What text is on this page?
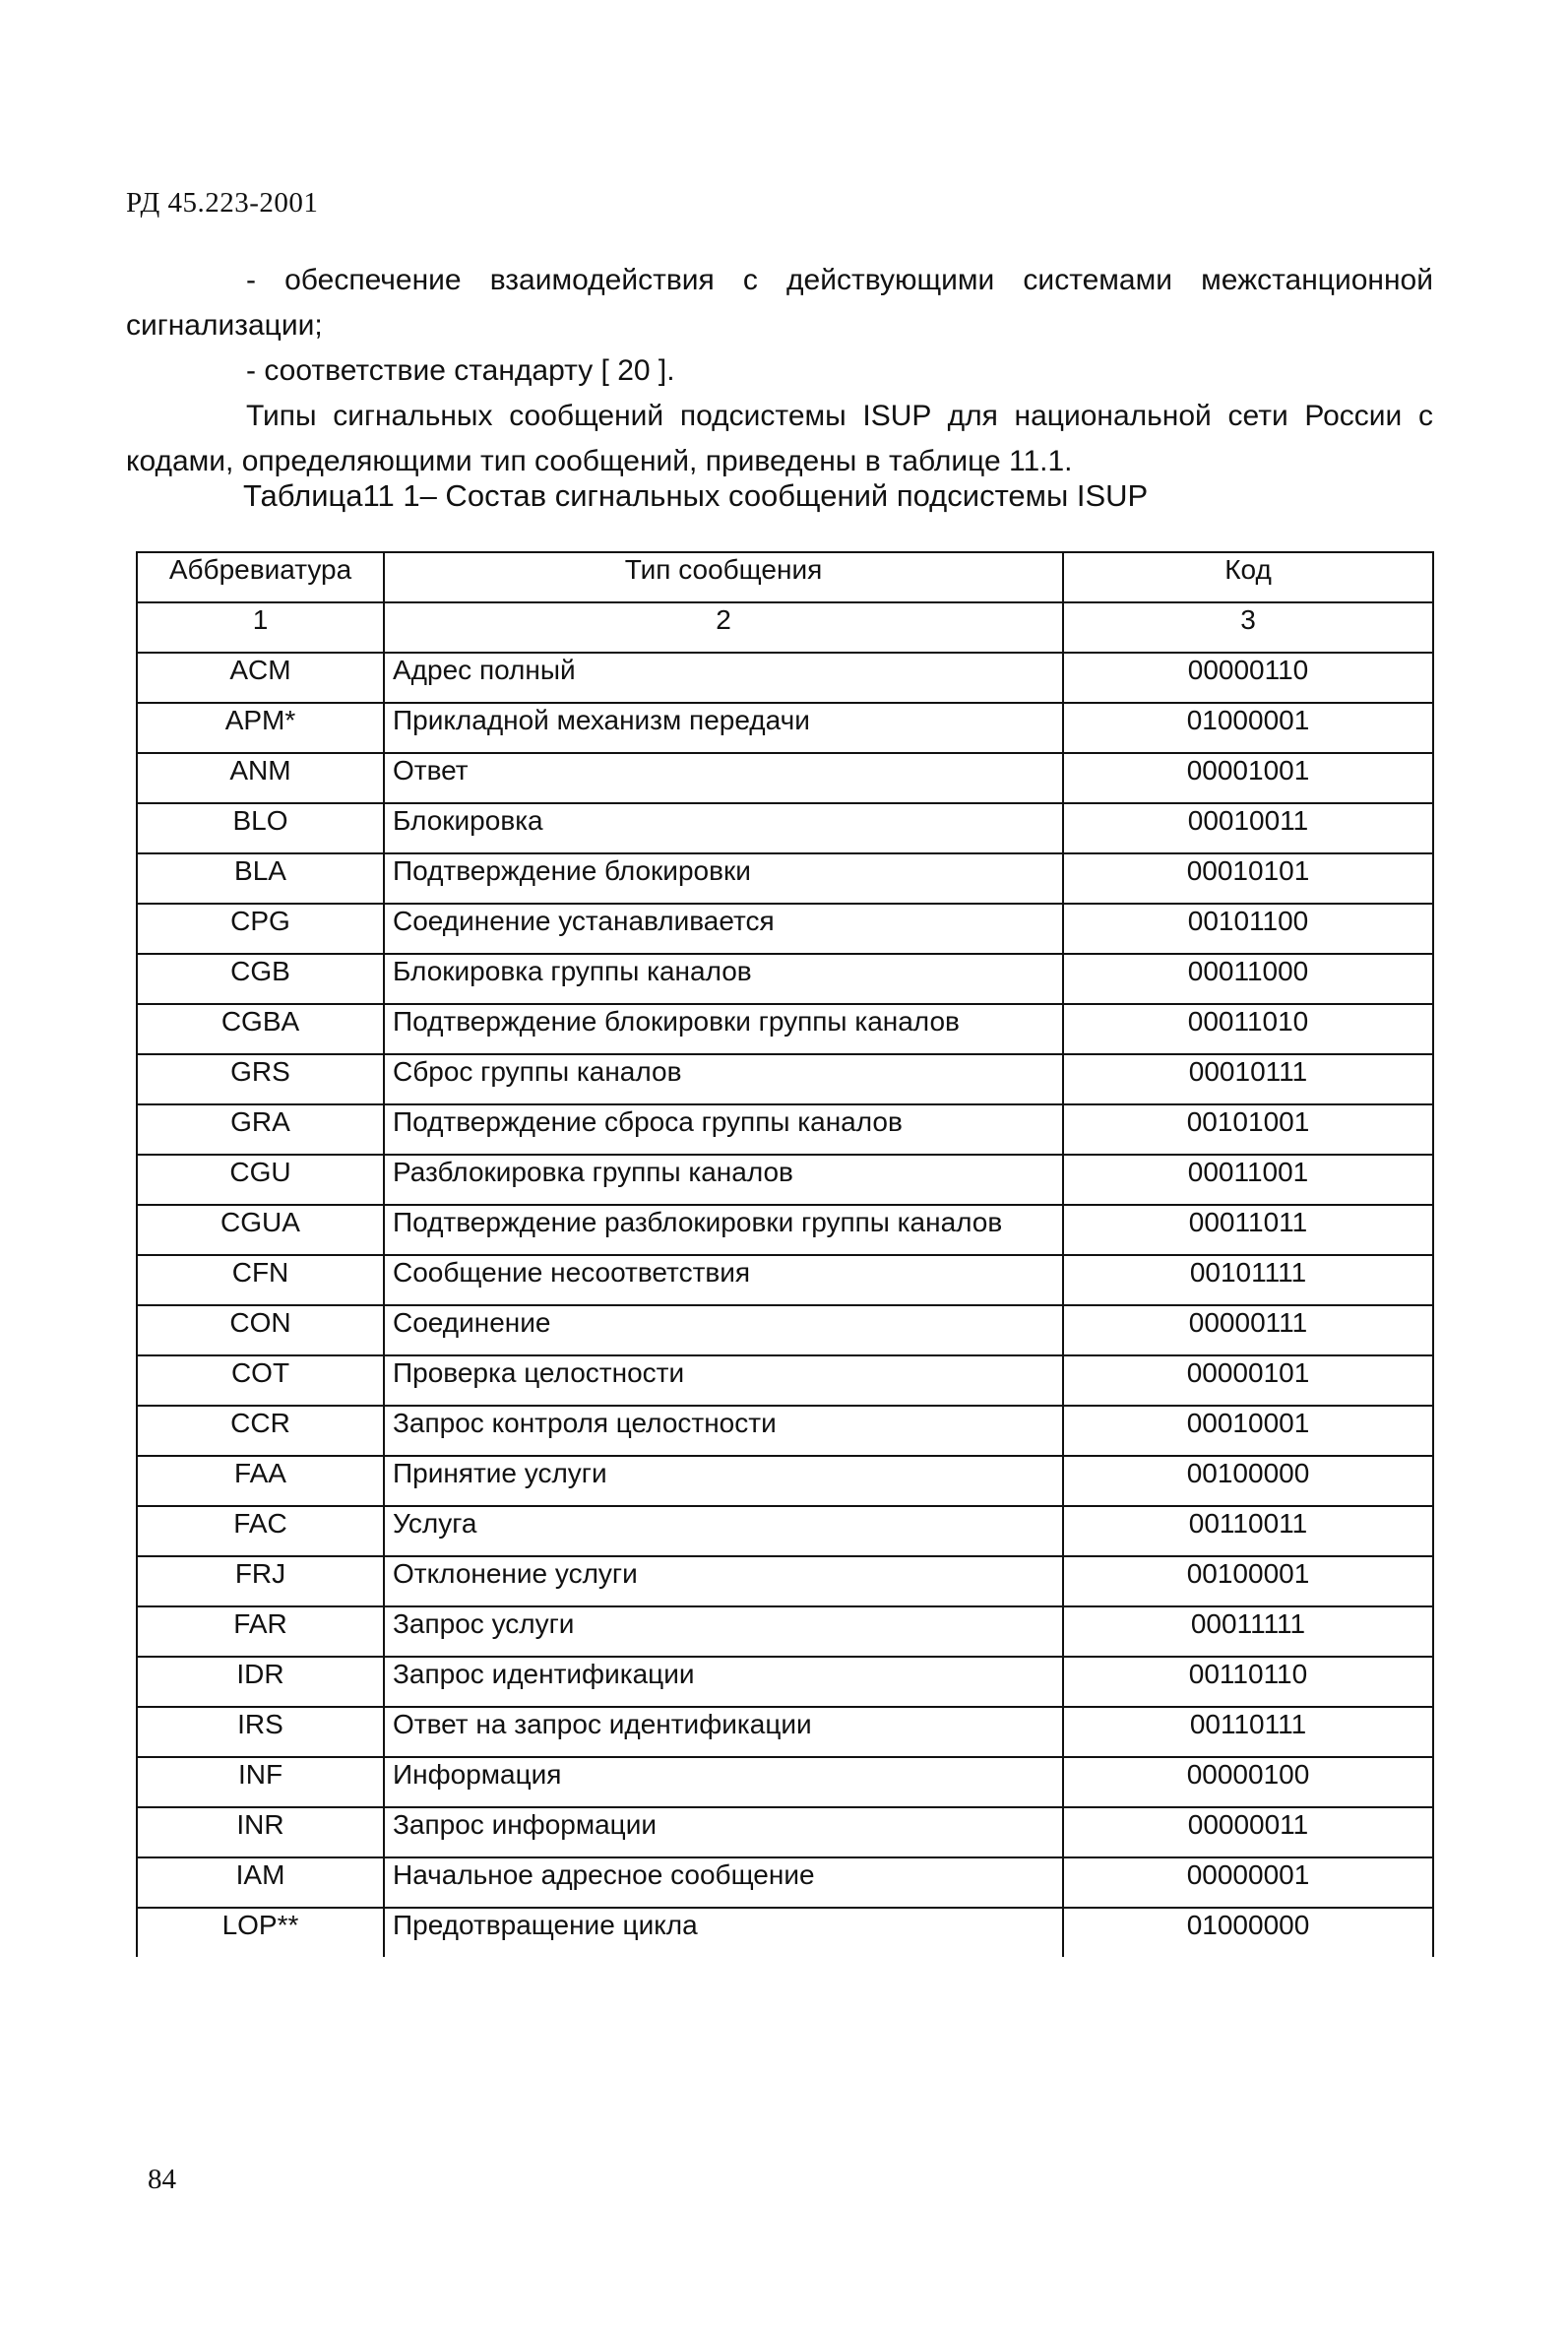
РД 45.223-2001

- обеспечение взаимодействия с действующими системами межстанционной сигнализации;

- соответствие стандарту [ 20 ].

Типы сигнальных сообщений подсистемы ISUP для национальной сети России с кодами, определяющими тип сообщений, приведены в таблице 11.1.

Таблица11 1– Состав сигнальных сообщений подсистемы ISUP
Аббревиатура	Тип сообщения	Код
1	2	3
ACM	Адрес полный	00000110
APM*	Прикладной механизм передачи	01000001
ANM	Ответ	00001001
BLO	Блокировка	00010011
BLA	Подтверждение блокировки	00010101
CPG	Соединение устанавливается	00101100
CGB	Блокировка группы каналов	00011000
CGBA	Подтверждение блокировки группы каналов	00011010
GRS	Сброс группы каналов	00010111
GRA	Подтверждение сброса группы каналов	00101001
CGU	Разблокировка группы каналов	00011001
CGUA	Подтверждение разблокировки группы каналов	00011011
CFN	Сообщение несоответствия	00101111
CON	Соединение	00000111
COT	Проверка целостности	00000101
CCR	Запрос контроля целостности	00010001
FAA	Принятие услуги	00100000
FAC	Услуга	00110011
FRJ	Отклонение услуги	00100001
FAR	Запрос услуги	00011111
IDR	Запрос идентификации	00110110
IRS	Ответ на запрос идентификации	00110111
INF	Информация	00000100
INR	Запрос информации	00000011
IAM	Начальное адресное сообщение	00000001
LOP**	Предотвращение цикла	01000000
84
